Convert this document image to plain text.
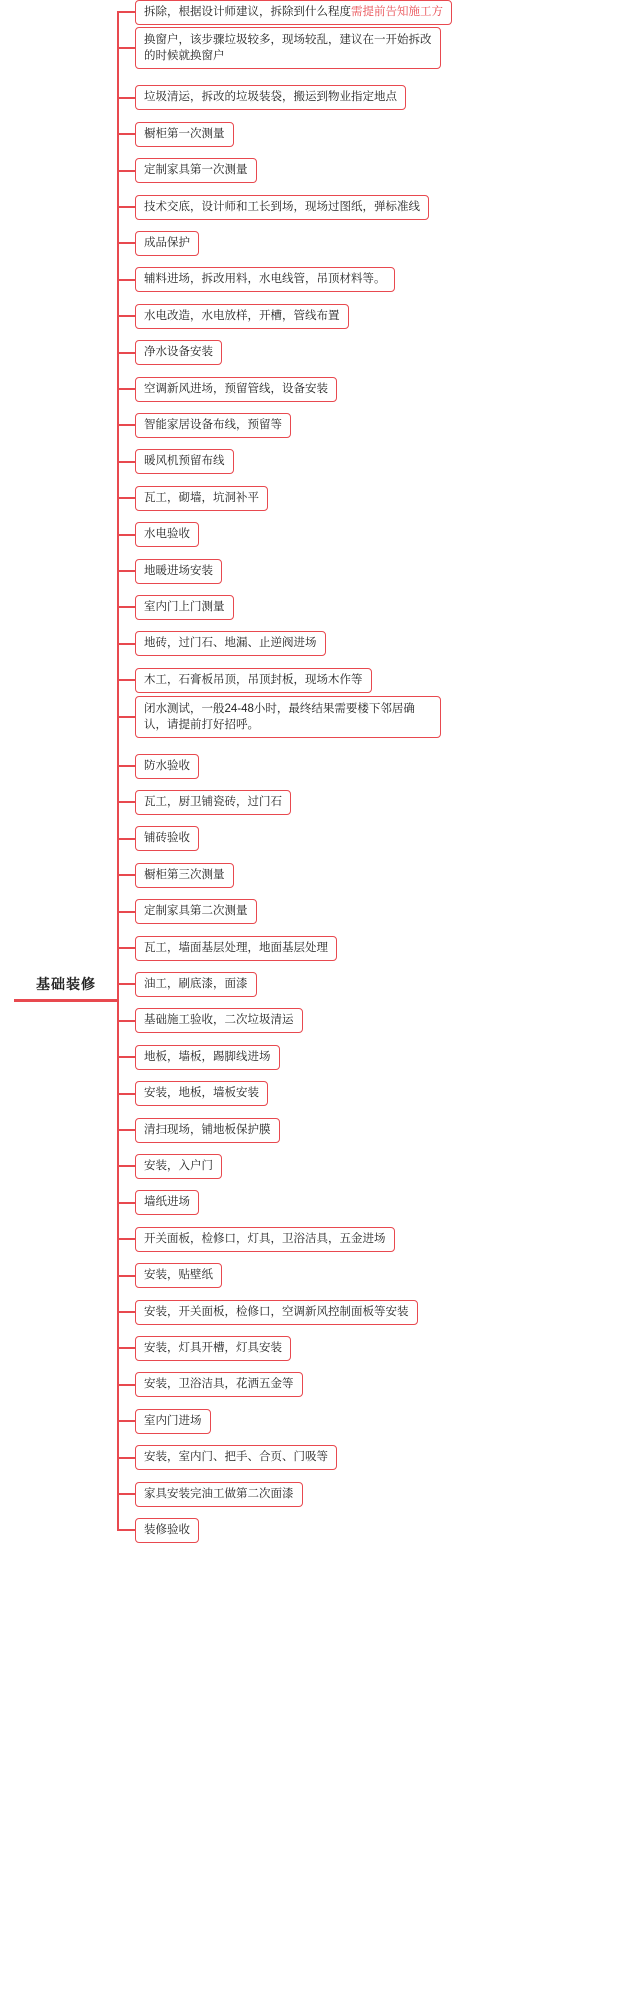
基础装修
拆除，根据设计师建议，拆除到什么程度需提前告知施工方
换窗户，该步骤垃圾较多，现场较乱，建议在一开始拆改的时候就换窗户
垃圾清运，拆改的垃圾装袋，搬运到物业指定地点
橱柜第一次测量
定制家具第一次测量
技术交底，设计师和工长到场，现场过图纸，弹标准线
成品保护
辅料进场，拆改用料，水电线管，吊顶材料等。
水电改造，水电放样，开槽，管线布置
净水设备安装
空调新风进场，预留管线，设备安装
智能家居设备布线，预留等
暖风机预留布线
瓦工，砌墙，坑洞补平
水电验收
地暖进场安装
室内门上门测量
地砖，过门石、地漏、止逆阀进场
木工，石膏板吊顶，吊顶封板，现场木作等
闭水测试，一般24-48小时，最终结果需要楼下邻居确认，请提前打好招呼。
防水验收
瓦工，厨卫铺瓷砖，过门石
铺砖验收
橱柜第三次测量
定制家具第二次测量
瓦工，墙面基层处理，地面基层处理
油工，刷底漆，面漆
基础施工验收，二次垃圾清运
地板，墙板，踢脚线进场
安装，地板，墙板安装
清扫现场，铺地板保护膜
安装，入户门
墙纸进场
开关面板，检修口，灯具，卫浴洁具，五金进场
安装，贴壁纸
安装，开关面板，检修口，空调新风控制面板等安装
安装，灯具开槽，灯具安装
安装，卫浴洁具，花洒五金等
室内门进场
安装，室内门、把手、合页、门吸等
家具安装完油工做第二次面漆
装修验收
